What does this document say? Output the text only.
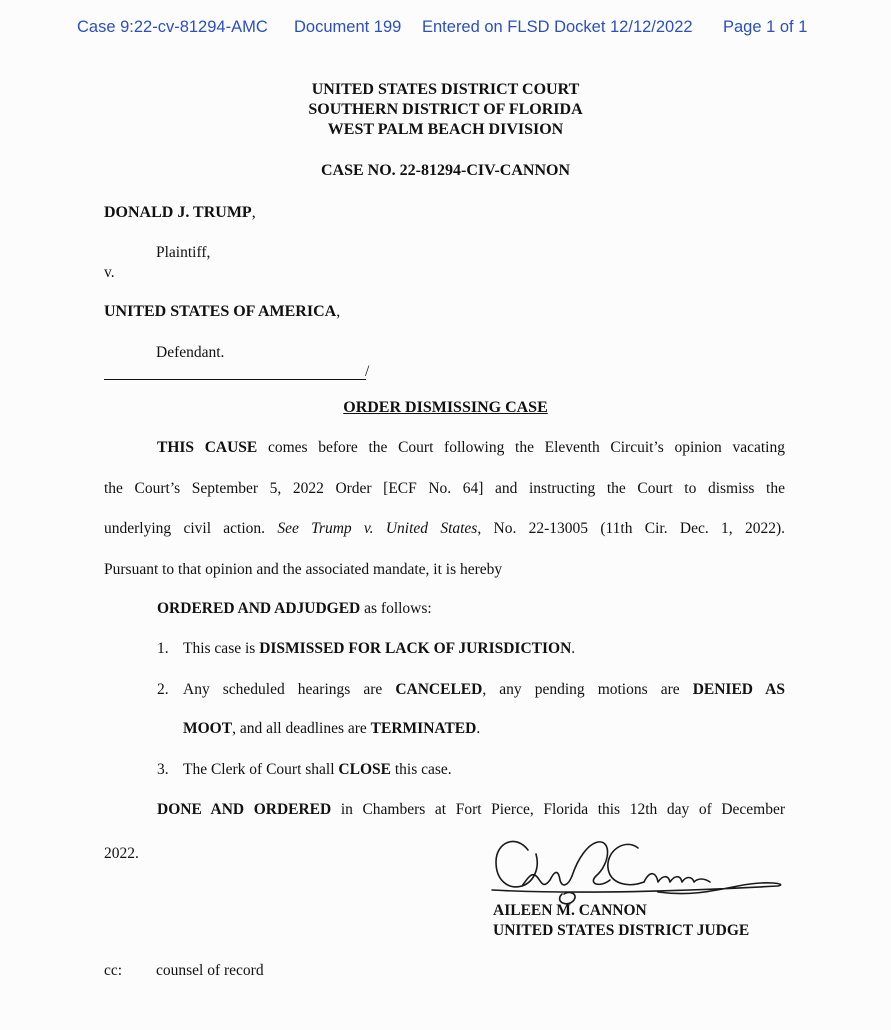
Case 9:22-cv-81294-AMC Document 199 Entered on FLSD Docket 12/12/2022 Page 1 of 1
UNITED STATES DISTRICT COURT
SOUTHERN DISTRICT OF FLORIDA
WEST PALM BEACH DIVISION
CASE NO. 22-81294-CIV-CANNON
DONALD J. TRUMP,
Plaintiff,
v.
UNITED STATES OF AMERICA,
Defendant.
/
ORDER DISMISSING CASE
THIS CAUSE comes before the Court following the Eleventh Circuit’s opinion vacating
the Court’s September 5, 2022 Order [ECF No. 64] and instructing the Court to dismiss the
underlying civil action. See Trump v. United States, No. 22-13005 (11th Cir. Dec. 1, 2022).
Pursuant to that opinion and the associated mandate, it is hereby
ORDERED AND ADJUDGED as follows:
1. This case is DISMISSED FOR LACK OF JURISDICTION.
2. Any scheduled hearings are CANCELED, any pending motions are DENIED AS
MOOT, and all deadlines are TERMINATED.
3. The Clerk of Court shall CLOSE this case.
DONE AND ORDERED in Chambers at Fort Pierce, Florida this 12th day of December
2022.
AILEEN M. CANNON
UNITED STATES DISTRICT JUDGE
cc: counsel of record
